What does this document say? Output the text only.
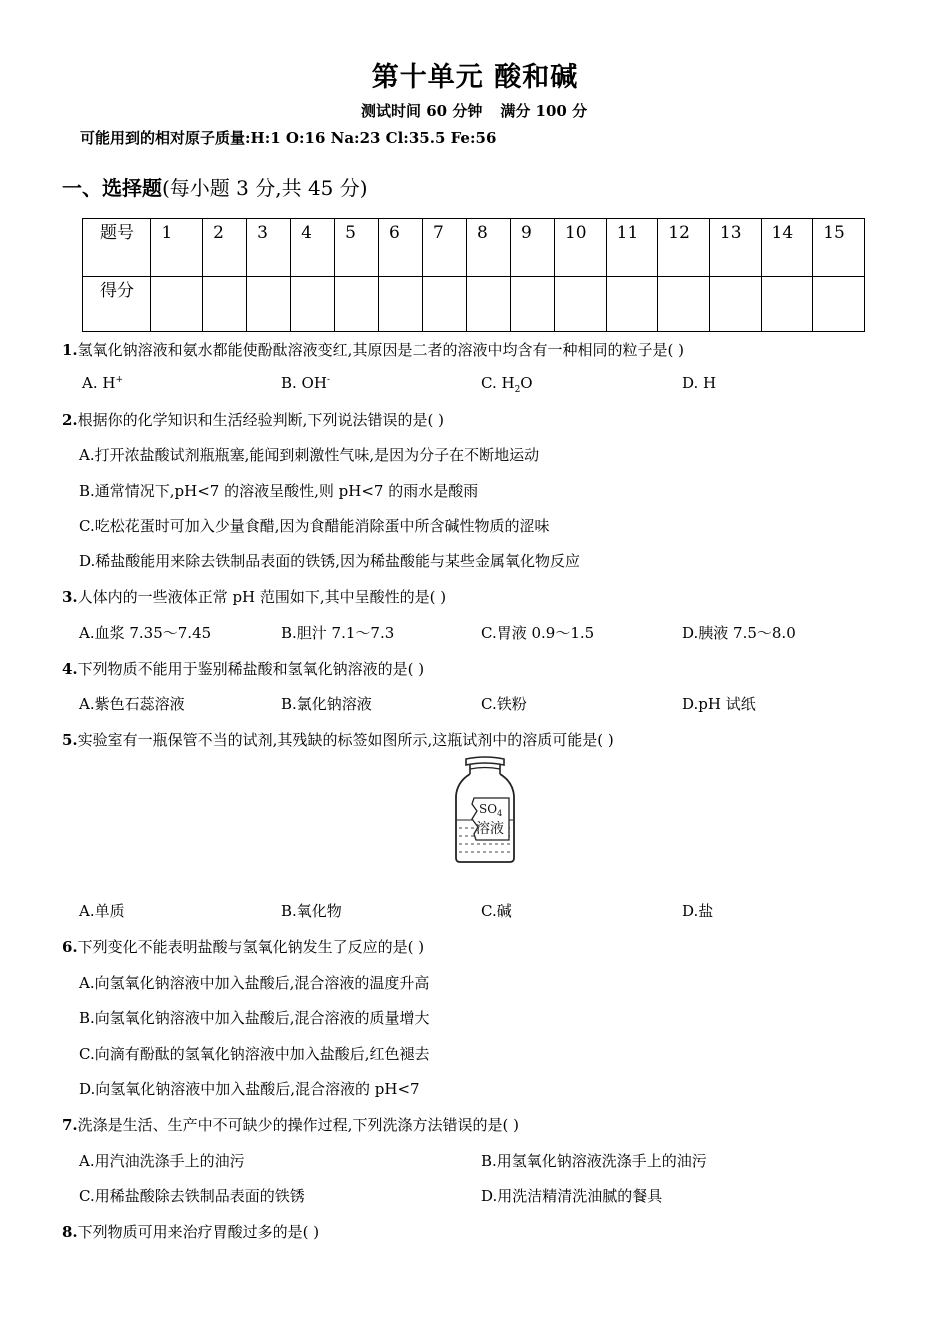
第十单元 酸和碱
测试时间 60 分钟 满分 100 分
可能用到的相对原子质量:H:1 O:16 Na:23 Cl:35.5 Fe:56
一、选择题(每小题 3 分,共 45 分)
题号	1	2	3	4	5	6	7	8	9	10	11	12	13	14	15
得分															
1.氢氧化钠溶液和氨水都能使酚酞溶液变红,其原因是二者的溶液中均含有一种相同的粒子是( )
A. H+	B. OH-	C. $H_2O$	D. H
2.根据你的化学知识和生活经验判断,下列说法错误的是( )
A.打开浓盐酸试剂瓶瓶塞,能闻到刺激性气味,是因为分子在不断地运动
B.通常情况下,pH<7 的溶液呈酸性,则 pH<7 的雨水是酸雨
C.吃松花蛋时可加入少量食醋,因为食醋能消除蛋中所含碱性物质的涩味
D.稀盐酸能用来除去铁制品表面的铁锈,因为稀盐酸能与某些金属氧化物反应
3.人体内的一些液体正常 pH 范围如下,其中呈酸性的是( )
A.血浆 7.35～7.45	B.胆汁 7.1～7.3	C.胃液 0.9～1.5	D.胰液 7.5～8.0
4.下列物质不能用于鉴别稀盐酸和氢氧化钠溶液的是( )
A.紫色石蕊溶液	B.氯化钠溶液	C.铁粉	D.pH 试纸
5.实验室有一瓶保管不当的试剂,其残缺的标签如图所示,这瓶试剂中的溶质可能是( )
$SO_4$
溶液
A.单质	B.氧化物	C.碱	D.盐
6.下列变化不能表明盐酸与氢氧化钠发生了反应的是( )
A.向氢氧化钠溶液中加入盐酸后,混合溶液的温度升高
B.向氢氧化钠溶液中加入盐酸后,混合溶液的质量增大
C.向滴有酚酞的氢氧化钠溶液中加入盐酸后,红色褪去
D.向氢氧化钠溶液中加入盐酸后,混合溶液的 pH<7
7.洗涤是生活、生产中不可缺少的操作过程,下列洗涤方法错误的是( )
A.用汽油洗涤手上的油污	B.用氢氧化钠溶液洗涤手上的油污
C.用稀盐酸除去铁制品表面的铁锈	D.用洗洁精清洗油腻的餐具
8.下列物质可用来治疗胃酸过多的是( )
